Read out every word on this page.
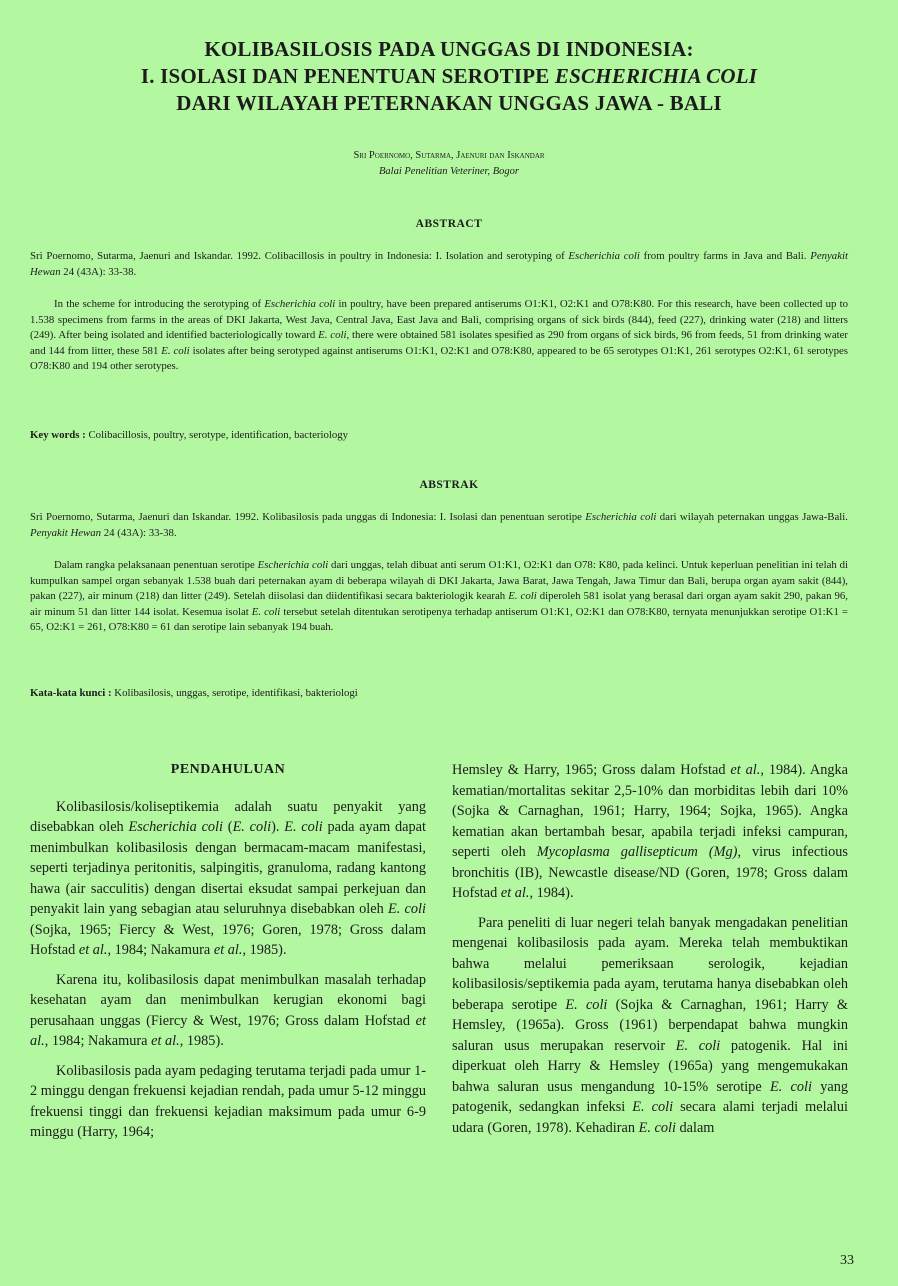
KOLIBASILOSIS PADA UNGGAS DI INDONESIA:
I. ISOLASI DAN PENENTUAN SEROTIPE ESCHERICHIA COLI
DARI WILAYAH PETERNAKAN UNGGAS JAWA - BALI
Sri Poernomo, Sutarma, Jaenuri dan Iskandar
Balai Penelitian Veteriner, Bogor
ABSTRACT
Sri Poernomo, Sutarma, Jaenuri and Iskandar. 1992. Colibacillosis in poultry in Indonesia: I. Isolation and serotyping of Escherichia coli from poultry farms in Java and Bali. Penyakit Hewan 24 (43A): 33-38.
In the scheme for introducing the serotyping of Escherichia coli in poultry, have been prepared antiserums O1:K1, O2:K1 and O78:K80. For this research, have been collected up to 1.538 specimens from farms in the areas of DKI Jakarta, West Java, Central Java, East Java and Bali, comprising organs of sick birds (844), feed (227), drinking water (218) and litters (249). After being isolated and identified bacteriologically toward E. coli, there were obtained 581 isolates spesified as 290 from organs of sick birds, 96 from feeds, 51 from drinking water and 144 from litter, these 581 E. coli isolates after being serotyped against antiserums O1:K1, O2:K1 and O78:K80, appeared to be 65 serotypes O1:K1, 261 serotypes O2:K1, 61 serotypes O78:K80 and 194 other serotypes.
Key words : Colibacillosis, poultry, serotype, identification, bacteriology
ABSTRAK
Sri Poernomo, Sutarma, Jaenuri dan Iskandar. 1992. Kolibasilosis pada unggas di Indonesia: I. Isolasi dan penentuan serotipe Escherichia coli dari wilayah peternakan unggas Jawa-Bali. Penyakit Hewan 24 (43A): 33-38.
Dalam rangka pelaksanaan penentuan serotipe Escherichia coli dari unggas, telah dibuat anti serum O1:K1, O2:K1 dan O78: K80, pada kelinci. Untuk keperluan penelitian ini telah di kumpulkan sampel organ sebanyak 1.538 buah dari peternakan ayam di beberapa wilayah di DKI Jakarta, Jawa Barat, Jawa Tengah, Jawa Timur dan Bali, berupa organ ayam sakit (844), pakan (227), air minum (218) dan litter (249). Setelah diisolasi dan diidentifikasi secara bakteriologik kearah E. coli diperoleh 581 isolat yang berasal dari organ ayam sakit 290, pakan 96, air minum 51 dan litter 144 isolat. Kesemua isolat E. coli tersebut setelah ditentukan serotipenya terhadap antiserum O1:K1, O2:K1 dan O78:K80, ternyata menunjukkan serotipe O1:K1 = 65, O2:K1 = 261, O78:K80 = 61 dan serotipe lain sebanyak 194 buah.
Kata-kata kunci : Kolibasilosis, unggas, serotipe, identifikasi, bakteriologi

PENDAHULUAN

Kolibasilosis/koliseptikemia adalah suatu penyakit yang disebabkan oleh Escherichia coli (E. coli). E. coli pada ayam dapat menimbulkan kolibasilosis dengan bermacam-macam manifestasi, seperti terjadinya peritonitis, salpingitis, granuloma, radang kantong hawa (air sacculitis) dengan disertai eksudat sampai perkejuan dan penyakit lain yang sebagian atau seluruhnya disebabkan oleh E. coli (Sojka, 1965; Fiercy & West, 1976; Goren, 1978; Gross dalam Hofstad et al., 1984; Nakamura et al., 1985).

Karena itu, kolibasilosis dapat menimbulkan masalah terhadap kesehatan ayam dan menimbulkan kerugian ekonomi bagi perusahaan unggas (Fiercy & West, 1976; Gross dalam Hofstad et al., 1984; Nakamura et al., 1985).

Kolibasilosis pada ayam pedaging terutama terjadi pada umur 1-2 minggu dengan frekuensi kejadian rendah, pada umur 5-12 minggu frekuensi tinggi dan frekuensi kejadian maksimum pada umur 6-9 minggu (Harry, 1964;

Hemsley & Harry, 1965; Gross dalam Hofstad et al., 1984). Angka kematian/mortalitas sekitar 2,5-10% dan morbiditas lebih dari 10% (Sojka & Carnaghan, 1961; Harry, 1964; Sojka, 1965). Angka kematian akan bertambah besar, apabila terjadi infeksi campuran, seperti oleh Mycoplasma gallisepticum (Mg), virus infectious bronchitis (IB), Newcastle disease/ND (Goren, 1978; Gross dalam Hofstad et al., 1984).

Para peneliti di luar negeri telah banyak mengadakan penelitian mengenai kolibasilosis pada ayam. Mereka telah membuktikan bahwa melalui pemeriksaan serologik, kejadian kolibasilosis/septikemia pada ayam, terutama hanya disebabkan oleh beberapa serotipe E. coli (Sojka & Carnaghan, 1961; Harry & Hemsley, (1965a). Gross (1961) berpendapat bahwa mungkin saluran usus merupakan reservoir E. coli patogenik. Hal ini diperkuat oleh Harry & Hemsley (1965a) yang mengemukakan bahwa saluran usus mengandung 10-15% serotipe E. coli yang patogenik, sedangkan infeksi E. coli secara alami terjadi melalui udara (Goren, 1978). Kehadiran E. coli dalam

33
